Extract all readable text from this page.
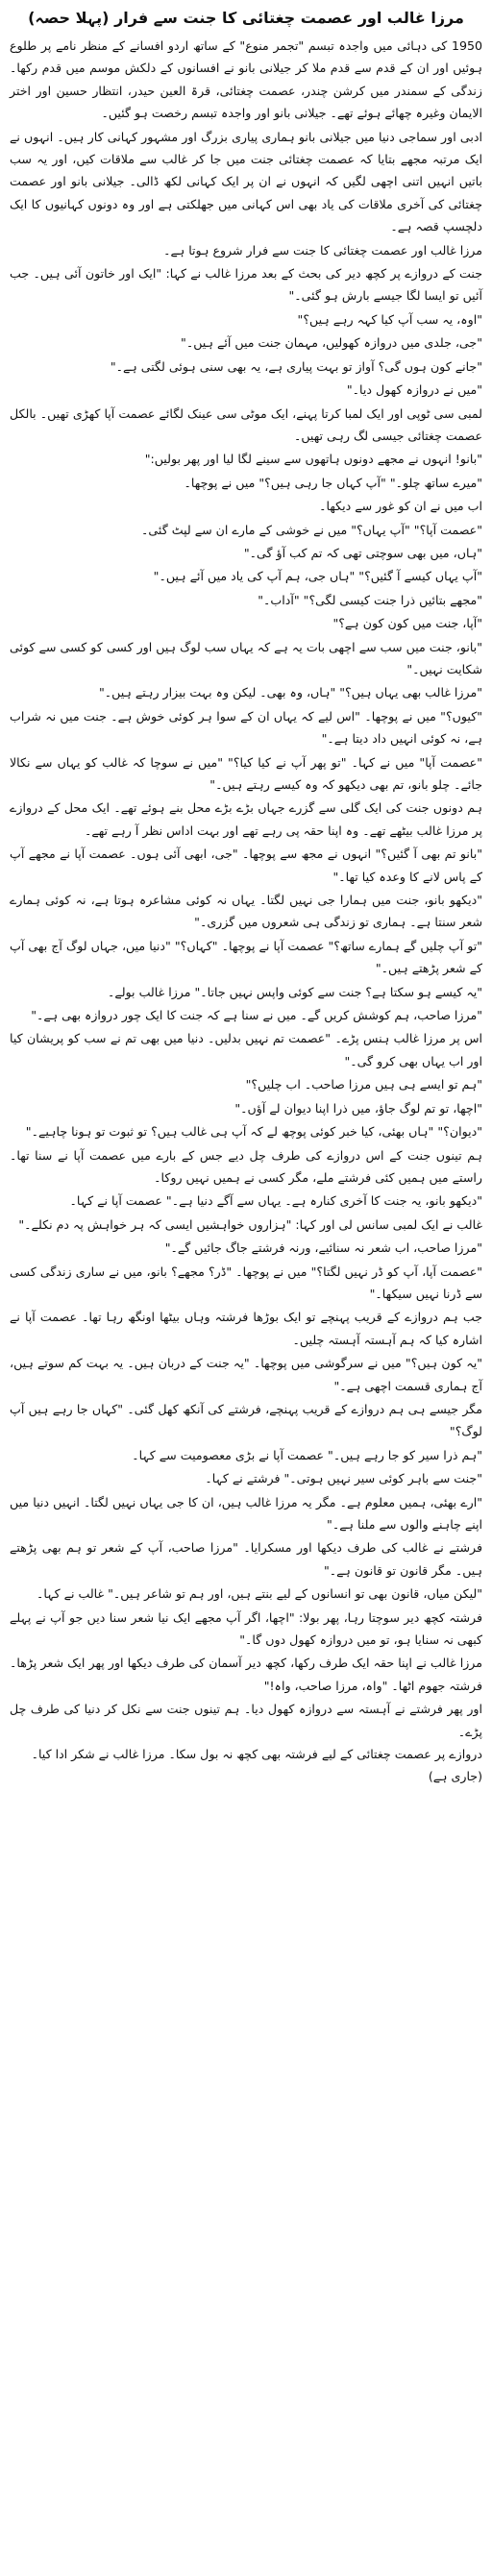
مرزا غالب اور عصمت چغتائی کا جنت سے فرار (پہلا حصہ)

1950 کی دہائی میں واجدہ تبسم "تجمر منوع" کے ساتھ اردو افسانے کے منظر نامے پر طلوع ہوئیں اور ان کے قدم سے قدم ملا کر جیلانی بانو نے افسانوں کے دلکش موسم میں قدم رکھا۔ زندگی کے سمندر میں کرشن چندر، عصمت چغتائی، قرۃ العین حیدر، انتظار حسین اور اختر الایمان وغیرہ چھائے ہوئے تھے۔ جیلانی بانو اور واجدہ تبسم رخصت ہو گئیں۔

ادبی اور سماجی دنیا میں جیلانی بانو ہماری پیاری بزرگ اور مشہور کہانی کار ہیں۔ انہوں نے ایک مرتبہ مجھے بتایا کہ عصمت چغتائی جنت میں جا کر غالب سے ملاقات کیں، اور یہ سب باتیں انہیں اتنی اچھی لگیں کہ انہوں نے ان پر ایک کہانی لکھ ڈالی۔ جیلانی بانو اور عصمت چغتائی کی آخری ملاقات کی یاد بھی اس کہانی میں جھلکتی ہے اور وہ دونوں کہانیوں کا ایک دلچسپ قصہ ہے۔

مرزا غالب اور عصمت چغتائی کا جنت سے فرار شروع ہوتا ہے۔

جنت کے دروازے پر کچھ دیر کی بحث کے بعد مرزا غالب نے کہا: "ایک اور خاتون آئی ہیں۔ جب آئیں تو ایسا لگا جیسے بارش ہو گئی۔"

"اوہ، یہ سب آپ کیا کہہ رہے ہیں؟"

"جی، جلدی میں دروازہ کھولیں، مہمان جنت میں آئے ہیں۔"

"جانے کون ہوں گی؟ آواز تو بہت پیاری ہے، یہ بھی سنی ہوئی لگتی ہے۔"

"میں نے دروازہ کھول دیا۔"

لمبی سی ٹوپی اور ایک لمبا کرتا پہنے، ایک موٹی سی عینک لگائے عصمت آپا کھڑی تھیں۔ بالکل عصمت چغتائی جیسی لگ رہی تھیں۔

"بانو! انہوں نے مجھے دونوں ہاتھوں سے سینے لگا لیا اور پھر بولیں:"

"میرے ساتھ چلو۔" "آپ کہاں جا رہی ہیں؟" میں نے پوچھا۔

اب میں نے ان کو غور سے دیکھا۔

"عصمت آپا؟" "آپ یہاں؟" میں نے خوشی کے مارے ان سے لپٹ گئی۔

"ہاں، میں بھی سوچتی تھی کہ تم کب آؤ گی۔"

"آپ یہاں کیسے آ گئیں؟" "ہاں جی، ہم آپ کی یاد میں آئے ہیں۔"

"مجھے بتائیں ذرا جنت کیسی لگی؟" "آداب۔"

"آپا، جنت میں کون کون ہے؟"

"بانو، جنت میں سب سے اچھی بات یہ ہے کہ یہاں سب لوگ ہیں اور کسی کو کسی سے کوئی شکایت نہیں۔"

"مرزا غالب بھی یہاں ہیں؟" "ہاں، وہ بھی۔ لیکن وہ بہت بیزار رہتے ہیں۔"

"کیوں؟" میں نے پوچھا۔ "اس لیے کہ یہاں ان کے سوا ہر کوئی خوش ہے۔ جنت میں نہ شراب ہے، نہ کوئی انہیں داد دیتا ہے۔"

"عصمت آپا" میں نے کہا۔ "تو پھر آپ نے کیا کیا؟" "میں نے سوچا کہ غالب کو یہاں سے نکالا جائے۔ چلو بانو، تم بھی دیکھو کہ وہ کیسے رہتے ہیں۔"

ہم دونوں جنت کی ایک گلی سے گزرے جہاں بڑے بڑے محل بنے ہوئے تھے۔ ایک محل کے دروازے پر مرزا غالب بیٹھے تھے۔ وہ اپنا حقہ پی رہے تھے اور بہت اداس نظر آ رہے تھے۔

"بانو تم بھی آ گئیں؟" انہوں نے مجھ سے پوچھا۔ "جی، ابھی آئی ہوں۔ عصمت آپا نے مجھے آپ کے پاس لانے کا وعدہ کیا تھا۔"

"دیکھو بانو، جنت میں ہمارا جی نہیں لگتا۔ یہاں نہ کوئی مشاعرہ ہوتا ہے، نہ کوئی ہمارے شعر سنتا ہے۔ ہماری تو زندگی ہی شعروں میں گزری۔"

"تو آپ چلیں گے ہمارے ساتھ؟" عصمت آپا نے پوچھا۔ "کہاں؟" "دنیا میں، جہاں لوگ آج بھی آپ کے شعر پڑھتے ہیں۔"

"یہ کیسے ہو سکتا ہے؟ جنت سے کوئی واپس نہیں جاتا۔" مرزا غالب بولے۔

"مرزا صاحب، ہم کوشش کریں گے۔ میں نے سنا ہے کہ جنت کا ایک چور دروازہ بھی ہے۔"

اس پر مرزا غالب ہنس پڑے۔ "عصمت تم نہیں بدلیں۔ دنیا میں بھی تم نے سب کو پریشان کیا اور اب یہاں بھی کرو گی۔"

"ہم تو ایسے ہی ہیں مرزا صاحب۔ اب چلیں؟"

"اچھا، تو تم لوگ جاؤ، میں ذرا اپنا دیوان لے آؤں۔"

"دیوان؟" "ہاں بھئی، کیا خبر کوئی پوچھ لے کہ آپ ہی غالب ہیں؟ تو ثبوت تو ہونا چاہیے۔"

ہم تینوں جنت کے اس دروازے کی طرف چل دیے جس کے بارے میں عصمت آپا نے سنا تھا۔ راستے میں ہمیں کئی فرشتے ملے، مگر کسی نے ہمیں نہیں روکا۔

"دیکھو بانو، یہ جنت کا آخری کنارہ ہے۔ یہاں سے آگے دنیا ہے۔" عصمت آپا نے کہا۔

غالب نے ایک لمبی سانس لی اور کہا: "ہزاروں خواہشیں ایسی کہ ہر خواہش پہ دم نکلے۔"

"مرزا صاحب، اب شعر نہ سنائیے، ورنہ فرشتے جاگ جائیں گے۔"

"عصمت آپا، آپ کو ڈر نہیں لگتا؟" میں نے پوچھا۔ "ڈر؟ مجھے؟ بانو، میں نے ساری زندگی کسی سے ڈرنا نہیں سیکھا۔"

جب ہم دروازے کے قریب پہنچے تو ایک بوڑھا فرشتہ وہاں بیٹھا اونگھ رہا تھا۔ عصمت آپا نے اشارہ کیا کہ ہم آہستہ آہستہ چلیں۔

"یہ کون ہیں؟" میں نے سرگوشی میں پوچھا۔ "یہ جنت کے دربان ہیں۔ یہ بہت کم سوتے ہیں، آج ہماری قسمت اچھی ہے۔"

مگر جیسے ہی ہم دروازے کے قریب پہنچے، فرشتے کی آنکھ کھل گئی۔ "کہاں جا رہے ہیں آپ لوگ؟"

"ہم ذرا سیر کو جا رہے ہیں۔" عصمت آپا نے بڑی معصومیت سے کہا۔

"جنت سے باہر کوئی سیر نہیں ہوتی۔" فرشتے نے کہا۔

"ارے بھئی، ہمیں معلوم ہے۔ مگر یہ مرزا غالب ہیں، ان کا جی یہاں نہیں لگتا۔ انہیں دنیا میں اپنے چاہنے والوں سے ملنا ہے۔"

فرشتے نے غالب کی طرف دیکھا اور مسکرایا۔ "مرزا صاحب، آپ کے شعر تو ہم بھی پڑھتے ہیں۔ مگر قانون تو قانون ہے۔"

"لیکن میاں، قانون بھی تو انسانوں کے لیے بنتے ہیں، اور ہم تو شاعر ہیں۔" غالب نے کہا۔

فرشتہ کچھ دیر سوچتا رہا، پھر بولا: "اچھا، اگر آپ مجھے ایک نیا شعر سنا دیں جو آپ نے پہلے کبھی نہ سنایا ہو، تو میں دروازہ کھول دوں گا۔"

مرزا غالب نے اپنا حقہ ایک طرف رکھا، کچھ دیر آسمان کی طرف دیکھا اور پھر ایک شعر پڑھا۔ فرشتہ جھوم اٹھا۔ "واہ، مرزا صاحب، واہ!"

اور پھر فرشتے نے آہستہ سے دروازہ کھول دیا۔ ہم تینوں جنت سے نکل کر دنیا کی طرف چل پڑے۔

دروازے پر عصمت چغتائی کے لیے فرشتہ بھی کچھ نہ بول سکا۔ مرزا غالب نے شکر ادا کیا۔ (جاری ہے)
